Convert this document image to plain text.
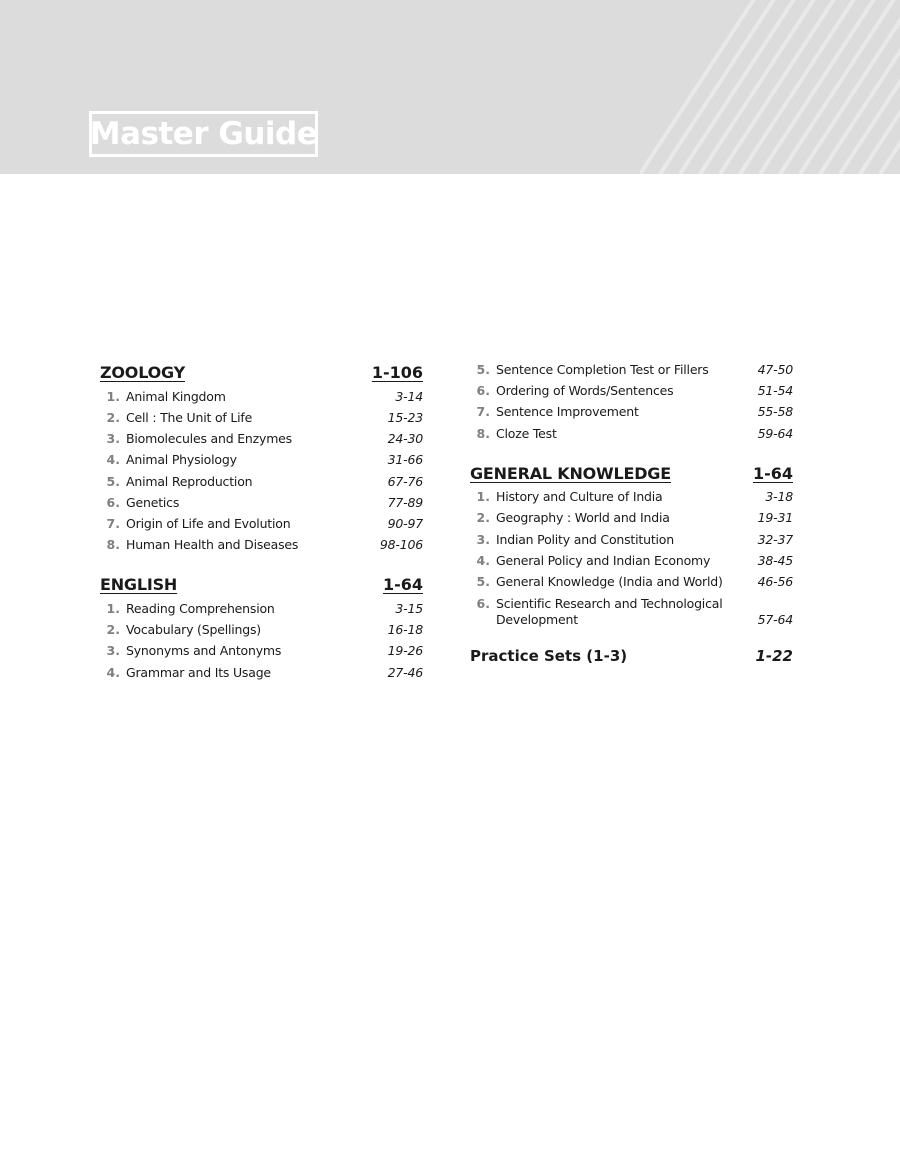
Master Guide
ZOOLOGY	1-106
1. Animal Kingdom	3-14
2. Cell : The Unit of Life	15-23
3. Biomolecules and Enzymes	24-30
4. Animal Physiology	31-66
5. Animal Reproduction	67-76
6. Genetics	77-89
7. Origin of Life and Evolution	90-97
8. Human Health and Diseases	98-106
ENGLISH	1-64
1. Reading Comprehension	3-15
2. Vocabulary (Spellings)	16-18
3. Synonyms and Antonyms	19-26
4. Grammar and Its Usage	27-46
5. Sentence Completion Test or Fillers	47-50
6. Ordering of Words/Sentences	51-54
7. Sentence Improvement	55-58
8. Cloze Test	59-64
GENERAL KNOWLEDGE	1-64
1. History and Culture of India	3-18
2. Geography : World and India	19-31
3. Indian Polity and Constitution	32-37
4. General Policy and Indian Economy	38-45
5. General Knowledge (India and World)	46-56
6. Scientific Research and Technological Development	57-64
Practice Sets (1-3)	1-22
